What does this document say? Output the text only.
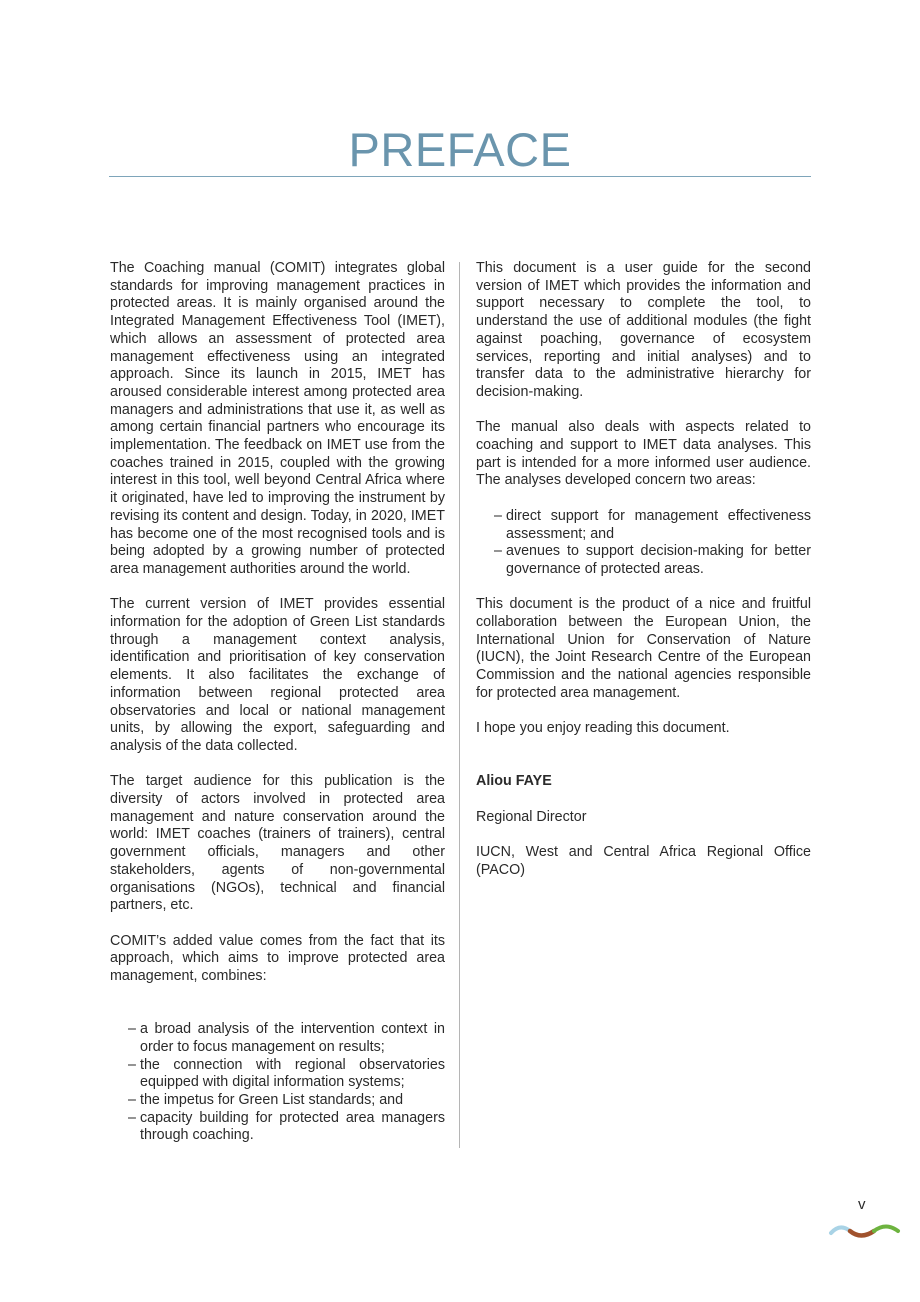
PREFACE

The Coaching manual (COMIT) integrates global standards for improving management practices in protected areas. It is mainly organised around the Integrated Management Effectiveness Tool (IMET), which allows an assessment of protected area management effectiveness using an integrated approach. Since its launch in 2015, IMET has aroused considerable interest among protected area managers and administrations that use it, as well as among certain financial partners who encourage its implementation. The feedback on IMET use from the coaches trained in 2015, coupled with the growing interest in this tool, well beyond Central Africa where it originated, have led to improving the instrument by revising its content and design. Today, in 2020, IMET has become one of the most recognised tools and is being adopted by a growing number of protected area management authorities around the world.

The current version of IMET provides essential information for the adoption of Green List standards through a management context analysis, identification and prioritisation of key conservation elements. It also facilitates the exchange of information between regional protected area observatories and local or national management units, by allowing the export, safeguarding and analysis of the data collected.

The target audience for this publication is the diversity of actors involved in protected area management and nature conservation around the world: IMET coaches (trainers of trainers), central government officials, managers and other stakeholders, agents of non-governmental organisations (NGOs), technical and financial partners, etc.

COMIT’s added value comes from the fact that its approach, which aims to improve protected area management, combines:

– a broad analysis of the intervention context in order to focus management on results;
– the connection with regional observatories equipped with digital information systems;
– the impetus for Green List standards; and
– capacity building for protected area managers through coaching.

This document is a user guide for the second version of IMET which provides the information and support necessary to complete the tool, to understand the use of additional modules (the fight against poaching, governance of ecosystem services, reporting and initial analyses) and to transfer data to the administrative hierarchy for decision-making.

The manual also deals with aspects related to coaching and support to IMET data analyses. This part is intended for a more informed user audience. The analyses developed concern two areas:

– direct support for management effectiveness assessment; and
– avenues to support decision-making for better governance of protected areas.

This document is the product of a nice and fruitful collaboration between the European Union, the International Union for Conservation of Nature (IUCN), the Joint Research Centre of the European Commission and the national agencies responsible for protected area management.

I hope you enjoy reading this document.

Aliou FAYE

Regional Director

IUCN, West and Central Africa Regional Office (PACO)

v
